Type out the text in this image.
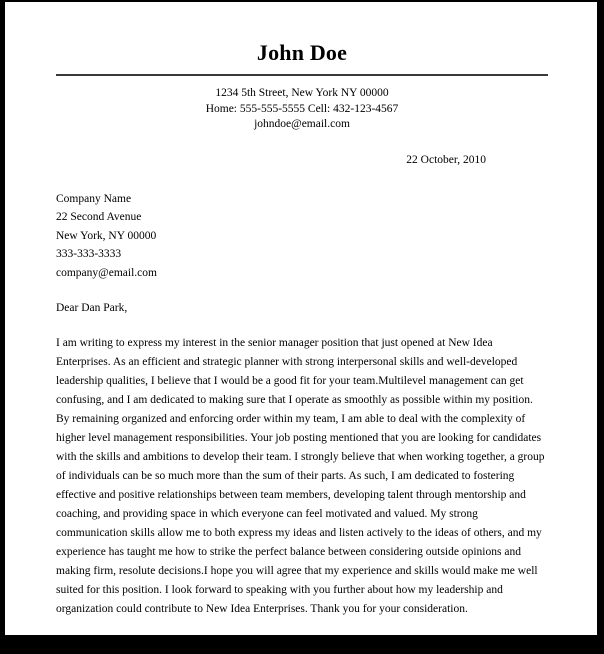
John Doe
1234 5th Street, New York NY 00000
Home: 555-555-5555 Cell: 432-123-4567
johndoe@email.com
22 October, 2010
Company Name
22 Second Avenue
New York, NY 00000
333-333-3333
company@email.com
Dear Dan Park,
I am writing to express my interest in the senior manager position that just opened at New Idea Enterprises. As an efficient and strategic planner with strong interpersonal skills and well-developed leadership qualities, I believe that I would be a good fit for your team.Multilevel management can get confusing, and I am dedicated to making sure that I operate as smoothly as possible within my position. By remaining organized and enforcing order within my team, I am able to deal with the complexity of higher level management responsibilities. Your job posting mentioned that you are looking for candidates with the skills and ambitions to develop their team. I strongly believe that when working together, a group of individuals can be so much more than the sum of their parts. As such, I am dedicated to fostering effective and positive relationships between team members, developing talent through mentorship and coaching, and providing space in which everyone can feel motivated and valued. My strong communication skills allow me to both express my ideas and listen actively to the ideas of others, and my experience has taught me how to strike the perfect balance between considering outside opinions and making firm, resolute decisions.I hope you will agree that my experience and skills would make me well suited for this position. I look forward to speaking with you further about how my leadership and organization could contribute to New Idea Enterprises. Thank you for your consideration.
John Doe
